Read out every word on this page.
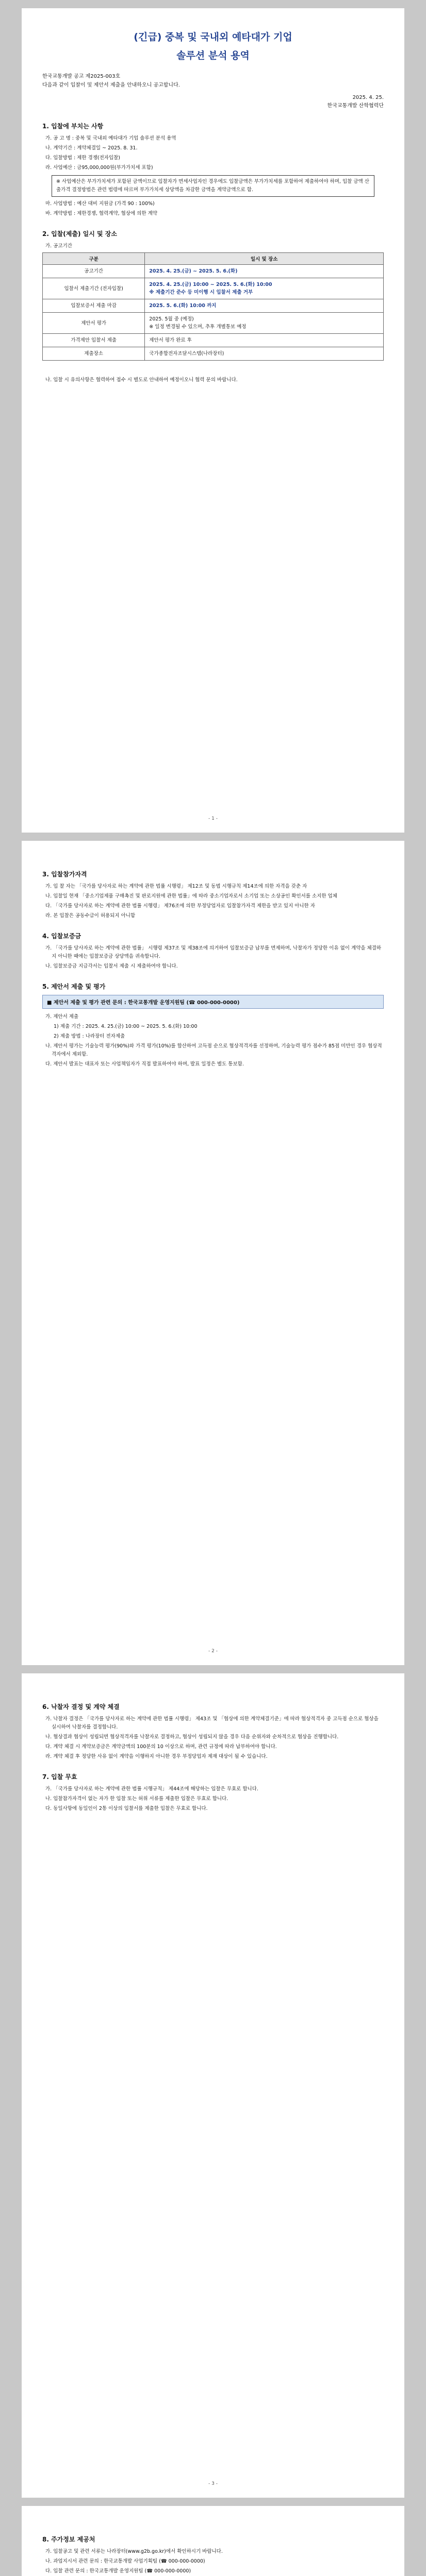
(긴급) 중복 및 국내외 예타대가 기업
솔루션 분석 용역
한국교통개발 공고 제2025-003호
다음과 같이 입찰이 및 제안서 제출을 안내하오니 공고합니다.
2025. 4. 25.
한국교통개발 산학협력단
1. 입찰에 부치는 사항
가. 공 고 명 : 중복 및 국내외 예타대가 기업 솔루션 분석 용역
나. 계약기간 : 계약체결일 ~ 2025. 8. 31.
다. 입찰방법 : 제한 경쟁(전자입찰)
라. 사업예산 : 금95,000,000원(부가가치세 포함)
※ 사업예산은 부가가치세가 포함된 금액이므로 입찰자가 면세사업자인 경우에도 입찰금액은 부가가치세를 포함하여 제출하여야 하며, 입찰 금액 산출가격 결정방법은 관련 법령에 따르며 부가가치세 상당액을 차감한 금액을 계약금액으로 함.
마. 사업방법 : 예산 대비 지원금 (가격 90 : 100%)
바. 계약방법 : 제한경쟁, 협력계약, 협상에 의한 계약
2. 입찰(제출) 일시 및 장소
가. 공고기간
구분	일시 및 장소
공고기간	2025. 4. 25.(금) ~ 2025. 5. 6.(화)
입찰서 제출기간 (전자입찰)	2025. 4. 25.(금) 10:00 ~ 2025. 5. 6.(화) 10:00
※ 제출기간 준수 등 미이행 시 입찰서 제출 거부
입찰보증서 제출 마감	2025. 5. 6.(화) 10:00 까지
제안서 평가	2025. 5월 중 (예정)
※ 일정 변경될 수 있으며, 추후 개별통보 예정
가격제안 입찰서 제출	제안서 평가 완료 후
제출장소	국가종합전자조달시스템(나라장터)
나. 입찰 시 유의사항은 협력하여 접수 시 별도로 안내하여 예정이오니 협력 문의 바랍니다.
- 1 -
3. 입찰참가자격
가. 입 찰 자는 「국가를 당사자로 하는 계약에 관한 법률 시행령」 제12조 및 동법 시행규칙 제14조에 의한 자격을 갖춘 자
나. 입찰일 현재 「중소기업제품 구매촉진 및 판로지원에 관한 법률」에 따라 중소기업자로서 소기업 또는 소상공인 확인서를 소지한 업체
다. 「국가를 당사자로 하는 계약에 관한 법률 시행령」 제76조에 의한 부정당업자로 입찰참가자격 제한을 받고 있지 아니한 자
라. 본 입찰은 공동수급이 허용되지 아니함
4. 입찰보증금
가. 「국가를 당사자로 하는 계약에 관한 법률」 시행령 제37조 및 제38조에 의거하여 입찰보증금 납부를 면제하며, 낙찰자가 정당한 이유 없이 계약을 체결하지 아니한 때에는 입찰보증금 상당액을 귀속합니다.
나. 입찰보증금 지급각서는 입찰서 제출 시 제출하여야 합니다.
5. 제안서 제출 및 평가
■ 제안서 제출 및 평가 관련 문의 : 한국교통개발 운영지원팀 (☎ 000-000-0000)
가. 제안서 제출
1) 제출 기간 : 2025. 4. 25.(금) 10:00 ~ 2025. 5. 6.(화) 10:00
2) 제출 방법 : 나라장터 전자제출
나. 제안서 평가는 기술능력 평가(90%)와 가격 평가(10%)를 합산하여 고득점 순으로 협상적격자를 선정하며, 기술능력 평가 점수가 85점 미만인 경우 협상적격자에서 제외함.
다. 제안서 발표는 대표자 또는 사업책임자가 직접 발표하여야 하며, 발표 일정은 별도 통보함.
- 2 -
6. 낙찰자 결정 및 계약 체결
가. 낙찰자 결정은 「국가를 당사자로 하는 계약에 관한 법률 시행령」 제43조 및 「협상에 의한 계약체결기준」에 따라 협상적격자 중 고득점 순으로 협상을 실시하여 낙찰자를 결정합니다.
나. 협상결과 협상이 성립되면 협상적격자를 낙찰자로 결정하고, 협상이 성립되지 않을 경우 다음 순위자와 순차적으로 협상을 진행합니다.
다. 계약 체결 시 계약보증금은 계약금액의 100분의 10 이상으로 하며, 관련 규정에 따라 납부하여야 합니다.
라. 계약 체결 후 정당한 사유 없이 계약을 이행하지 아니한 경우 부정당업자 제재 대상이 될 수 있습니다.
7. 입찰 무효
가. 「국가를 당사자로 하는 계약에 관한 법률 시행규칙」 제44조에 해당하는 입찰은 무효로 합니다.
나. 입찰참가자격이 없는 자가 한 입찰 또는 허위 서류를 제출한 입찰은 무효로 합니다.
다. 동일사항에 동일인이 2통 이상의 입찰서를 제출한 입찰은 무효로 합니다.
- 3 -
8. 주가정보 제공처
가. 입찰공고 및 관련 서류는 나라장터(www.g2b.go.kr)에서 확인하시기 바랍니다.
나. 과업지시서 관련 문의 : 한국교통개발 사업기획팀 (☎ 000-000-0000)
다. 입찰 관련 문의 : 한국교통개발 운영지원팀 (☎ 000-000-0000)
